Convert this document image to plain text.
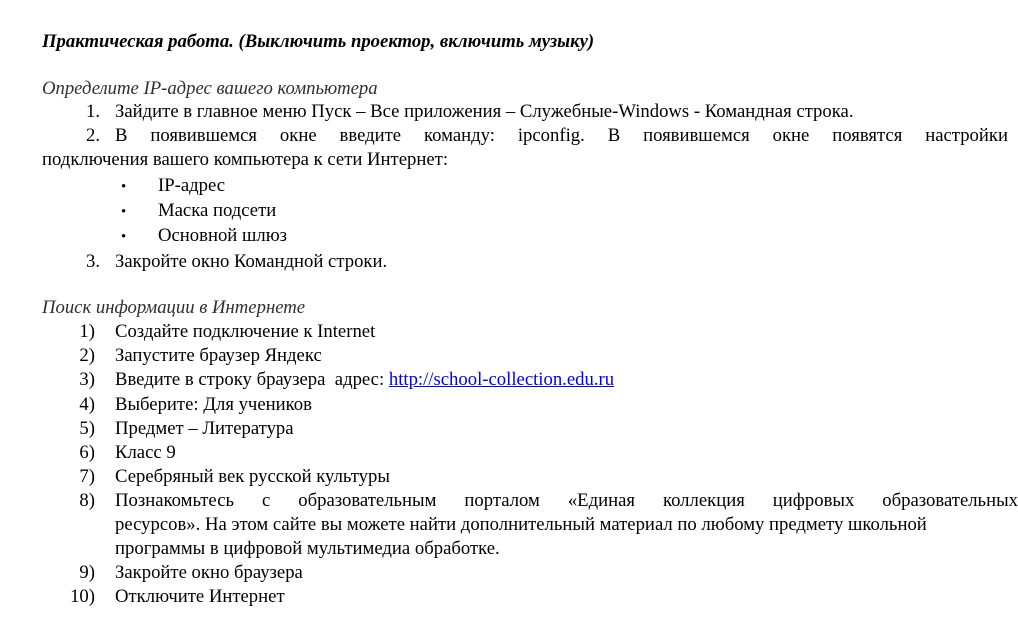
Практическая работа. (Выключить проектор, включить музыку)
Определите IP-адрес вашего компьютера
1. Зайдите в главное меню Пуск – Все приложения – Служебные-Windows - Командная строка.
2. В появившемся окне введите команду: ipconfig. В появившемся окне появятся настройки
подключения вашего компьютера к сети Интернет:
• IP-адрес
• Маска подсети
• Основной шлюз
3. Закройте окно Командной строки.
Поиск информации в Интернете
1) Создайте подключение к Internet
2) Запустите браузер Яндекс
3) Введите в строку браузера  адрес: http://school-collection.edu.ru
4) Выберите: Для учеников
5) Предмет – Литература
6) Класс 9
7) Серебряный век русской культуры
8) Познакомьтесь с образовательным порталом «Единая коллекция цифровых образовательных
ресурсов». На этом сайте вы можете найти дополнительный материал по любому предмету школьной
программы в цифровой мультимедиа обработке.
9) Закройте окно браузера
10) Отключите Интернет
